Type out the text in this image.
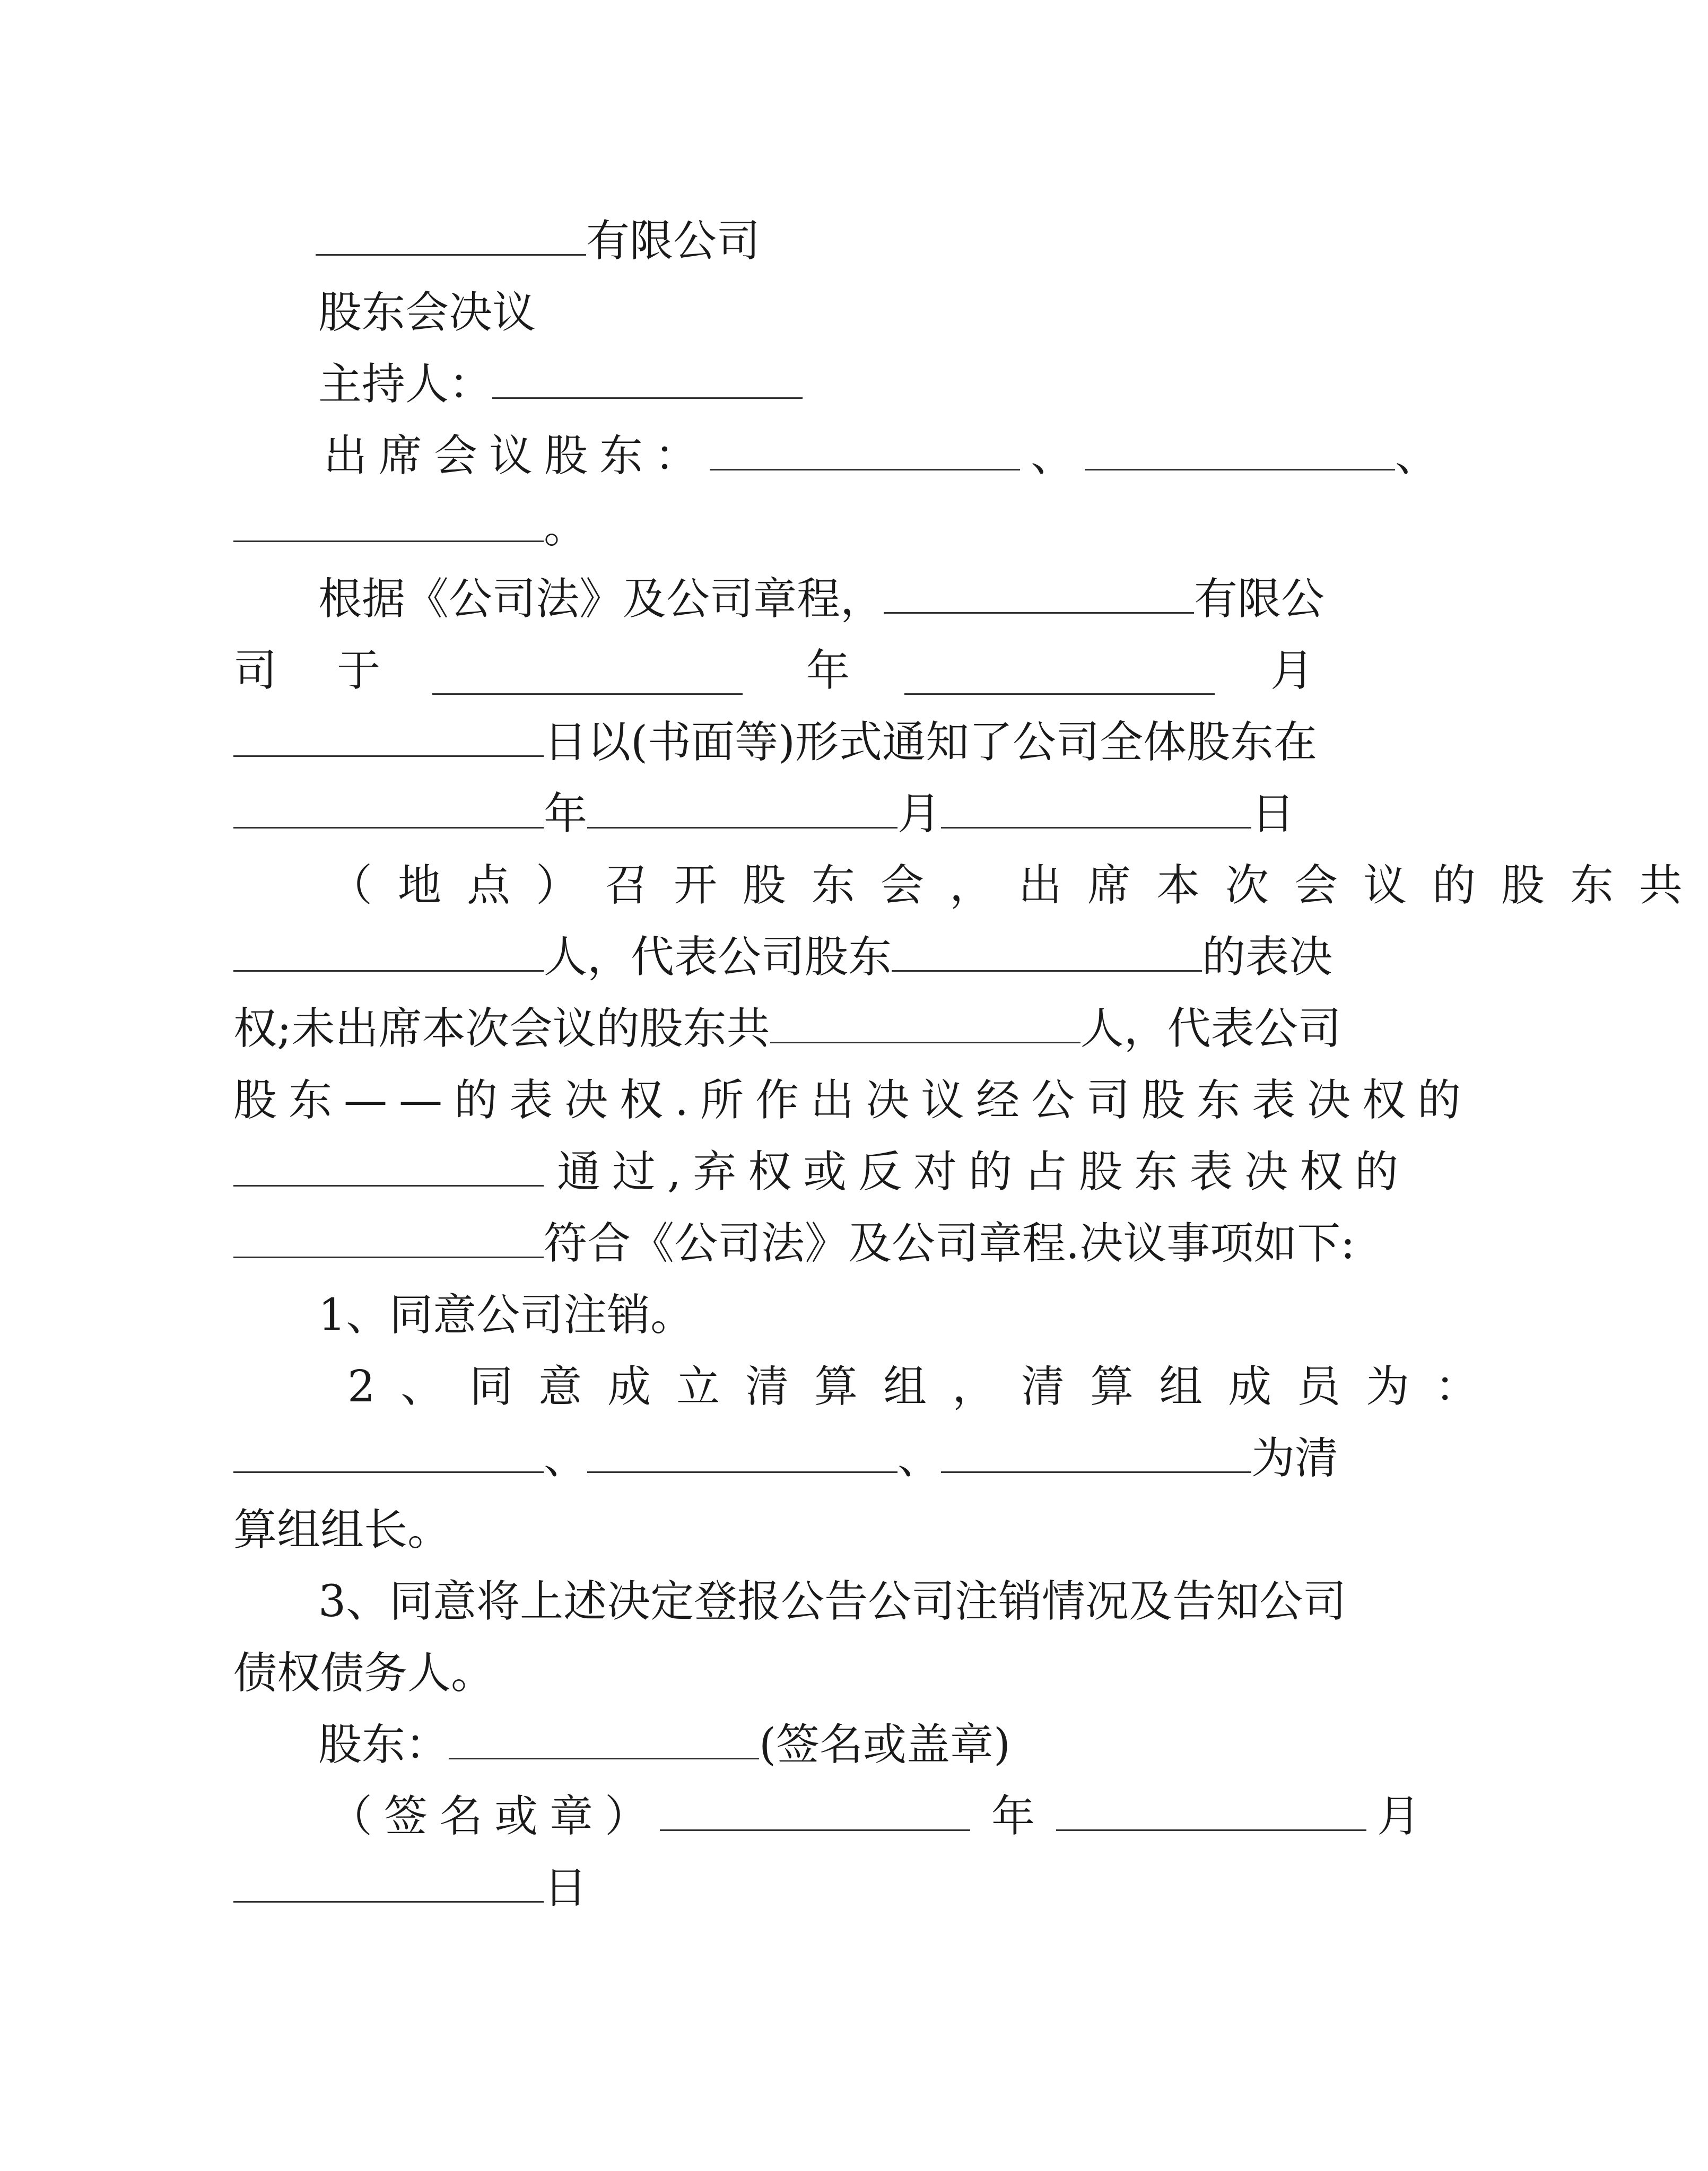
有限公司
股东会决议
主持人：
出席会议股东：	、	、
。
根据《公司法》及公司章程，	有限公
司 于	年	月
日以(书面等)形式通知了公司全体股东在
年	月	日
（地点）召开股东会，出席本次会议的股东共
人，代表公司股东	的表决
权;未出席本次会议的股东共	人，代表公司
股东——的表决权.所作出决议经公司股东表决权的
通过,弃权或反对的占股东表决权的
符合《公司法》及公司章程.决议事项如下:
1、同意公司注销。
2、同意成立清算组，清算组成员为：
、	、	为清
算组组长。
3、同意将上述决定登报公告公司注销情况及告知公司
债权债务人。
股东：	(签名或盖章)
（签名或章）	年	月
日
